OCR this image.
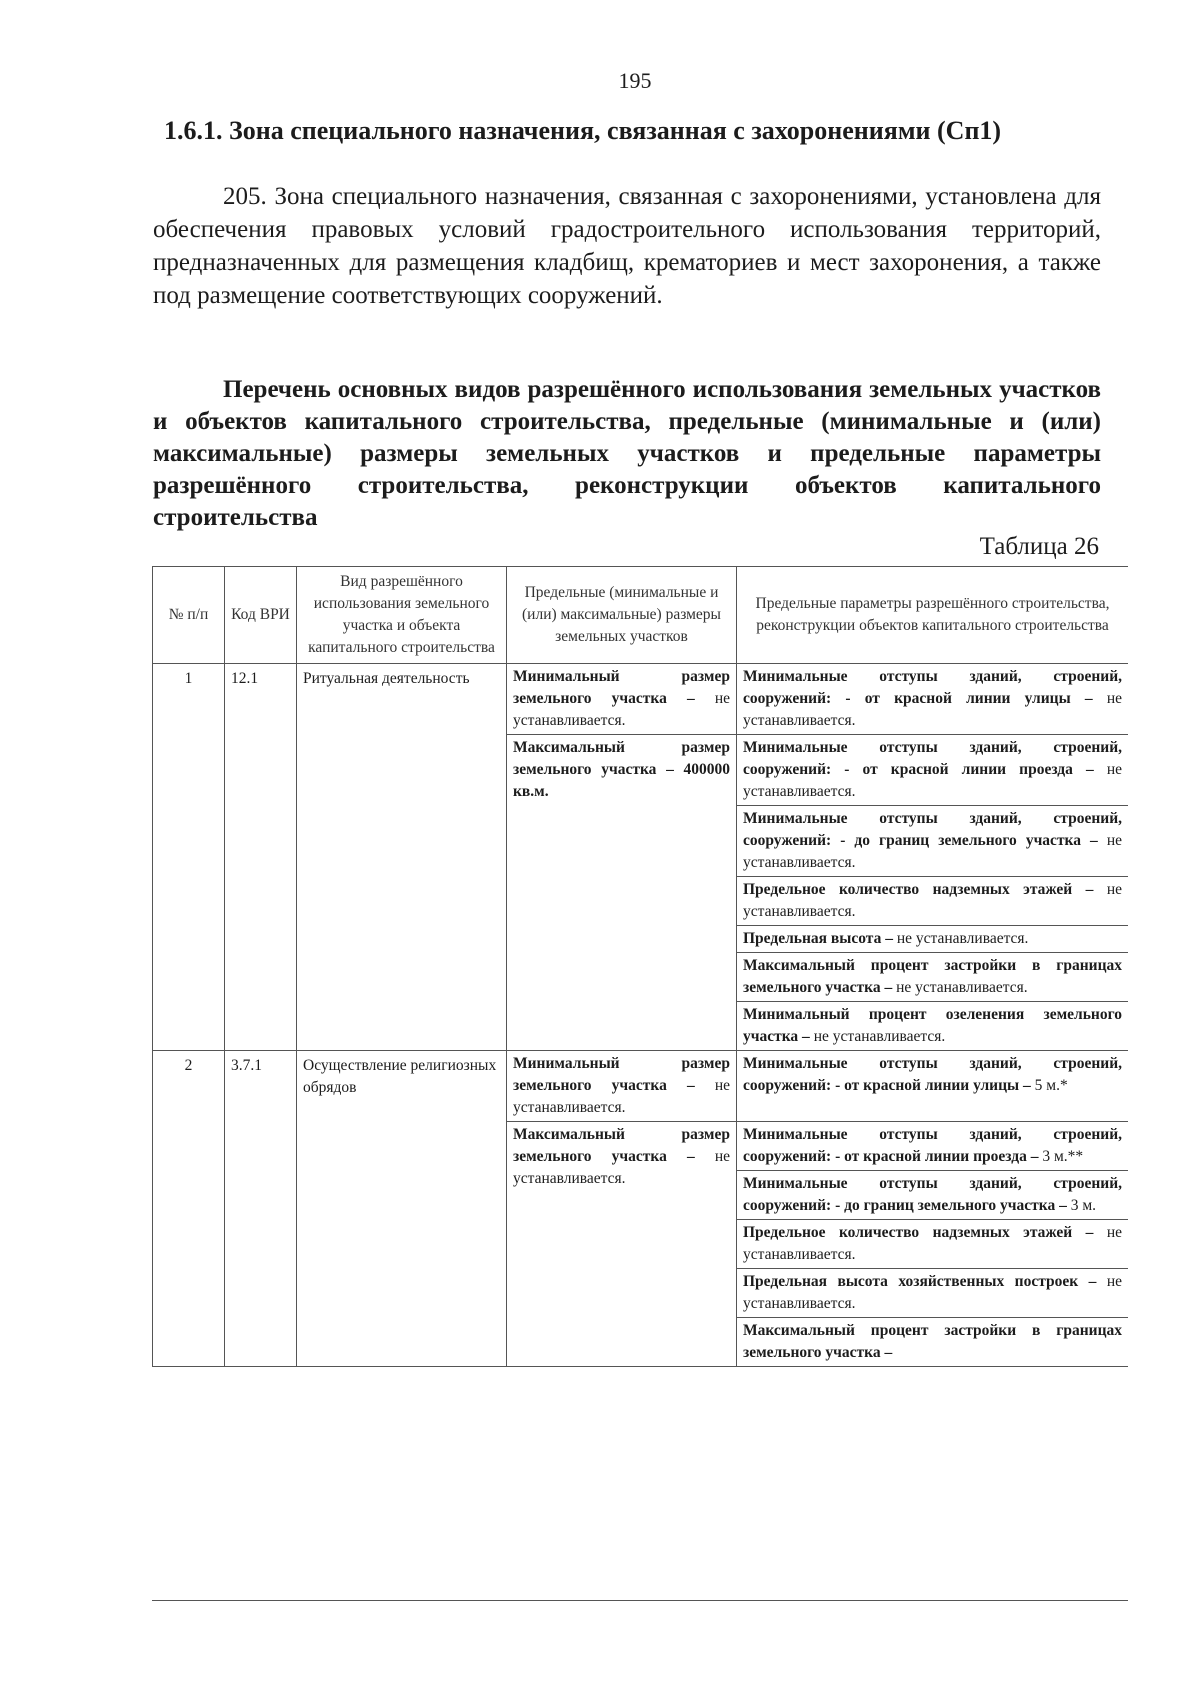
195
1.6.1. Зона специального назначения, связанная с захоронениями (Сп1)
205. Зона специального назначения, связанная с захоронениями, установлена для обеспечения правовых условий градостроительного использования территорий, предназначенных для размещения кладбищ, крематориев и мест захоронения, а также под размещение соответствующих сооружений.
Перечень основных видов разрешённого использования земельных участков и объектов капитального строительства, предельные (минимальные и (или) максимальные) размеры земельных участков и предельные параметры разрешённого строительства, реконструкции объектов капитального строительства
Таблица 26
№ п/п	Код ВРИ	Вид разрешённого использования земельного участка и объекта капитального строительства	Предельные (минимальные и (или) максимальные) размеры земельных участков	Предельные параметры разрешённого строительства, реконструкции объектов капитального строительства
1	12.1	Ритуальная деятельность	Минимальный размер земельного участка – не устанавливается.	Минимальные отступы зданий, строений, сооружений: - от красной линии улицы – не устанавливается.
			Максимальный размер земельного участка – 400000 кв.м.	Минимальные отступы зданий, строений, сооружений: - от красной линии проезда – не устанавливается.
				Минимальные отступы зданий, строений, сооружений: - до границ земельного участка – не устанавливается.
				Предельное количество надземных этажей – не устанавливается.
				Предельная высота – не устанавливается.
				Максимальный процент застройки в границах земельного участка – не устанавливается.
				Минимальный процент озеленения земельного участка – не устанавливается.
2	3.7.1	Осуществление религиозных обрядов	Минимальный размер земельного участка – не устанавливается.	Минимальные отступы зданий, строений, сооружений: - от красной линии улицы – 5 м.*
			Максимальный размер земельного участка – не устанавливается.	Минимальные отступы зданий, строений, сооружений: - от красной линии проезда – 3 м.**
				Минимальные отступы зданий, строений, сооружений: - до границ земельного участка – 3 м.
				Предельное количество надземных этажей – не устанавливается.
				Предельная высота хозяйственных построек – не устанавливается.
				Максимальный процент застройки в границах земельного участка –
